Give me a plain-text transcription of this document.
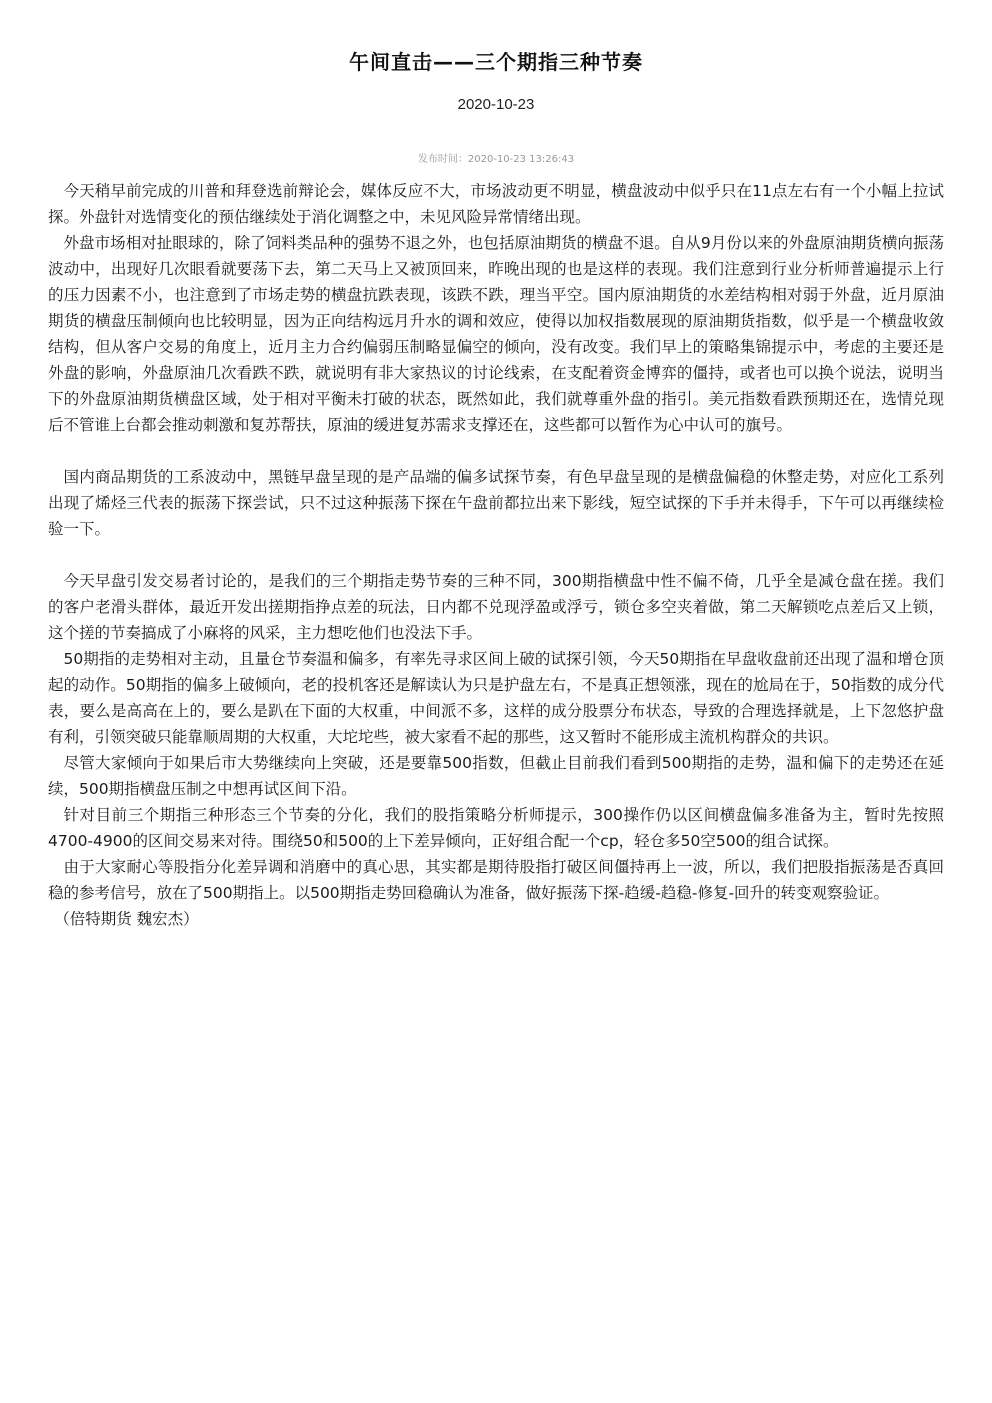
午间直击——三个期指三种节奏
2020-10-23
发布时间：2020-10-23 13:26:43

今天稍早前完成的川普和拜登选前辩论会，媒体反应不大，市场波动更不明显，横盘波动中似乎只在11点左右有一个小幅上拉试探。外盘针对选情变化的预估继续处于消化调整之中，未见风险异常情绪出现。

外盘市场相对扯眼球的，除了饲料类品种的强势不退之外，也包括原油期货的横盘不退。自从9月份以来的外盘原油期货横向振荡波动中，出现好几次眼看就要荡下去，第二天马上又被顶回来，昨晚出现的也是这样的表现。我们注意到行业分析师普遍提示上行的压力因素不小，也注意到了市场走势的横盘抗跌表现，该跌不跌，理当平空。国内原油期货的水差结构相对弱于外盘，近月原油期货的横盘压制倾向也比较明显，因为正向结构远月升水的调和效应，使得以加权指数展现的原油期货指数，似乎是一个横盘收敛结构，但从客户交易的角度上，近月主力合约偏弱压制略显偏空的倾向，没有改变。我们早上的策略集锦提示中，考虑的主要还是外盘的影响，外盘原油几次看跌不跌，就说明有非大家热议的讨论线索，在支配着资金博弈的僵持，或者也可以换个说法，说明当下的外盘原油期货横盘区域，处于相对平衡未打破的状态，既然如此，我们就尊重外盘的指引。美元指数看跌预期还在，选情兑现后不管谁上台都会推动刺激和复苏帮扶，原油的缓进复苏需求支撑还在，这些都可以暂作为心中认可的旗号。

国内商品期货的工系波动中，黑链早盘呈现的是产品端的偏多试探节奏，有色早盘呈现的是横盘偏稳的休整走势，对应化工系列出现了烯烃三代表的振荡下探尝试，只不过这种振荡下探在午盘前都拉出来下影线，短空试探的下手并未得手，下午可以再继续检验一下。

今天早盘引发交易者讨论的，是我们的三个期指走势节奏的三种不同，300期指横盘中性不偏不倚，几乎全是减仓盘在搓。我们的客户老滑头群体，最近开发出搓期指挣点差的玩法，日内都不兑现浮盈或浮亏，锁仓多空夹着做，第二天解锁吃点差后又上锁，这个搓的节奏搞成了小麻将的风采，主力想吃他们也没法下手。

50期指的走势相对主动，且量仓节奏温和偏多，有率先寻求区间上破的试探引领，今天50期指在早盘收盘前还出现了温和增仓顶起的动作。50期指的偏多上破倾向，老的投机客还是解读认为只是护盘左右，不是真正想领涨，现在的尬局在于，50指数的成分代表，要么是高高在上的，要么是趴在下面的大权重，中间派不多，这样的成分股票分布状态，导致的合理选择就是，上下忽悠护盘有利，引领突破只能靠顺周期的大权重，大坨坨些，被大家看不起的那些，这又暂时不能形成主流机构群众的共识。

尽管大家倾向于如果后市大势继续向上突破，还是要靠500指数，但截止目前我们看到500期指的走势，温和偏下的走势还在延续，500期指横盘压制之中想再试区间下沿。

针对目前三个期指三种形态三个节奏的分化，我们的股指策略分析师提示，300操作仍以区间横盘偏多准备为主，暂时先按照4700-4900的区间交易来对待。围绕50和500的上下差异倾向，正好组合配一个cp，轻仓多50空500的组合试探。

由于大家耐心等股指分化差异调和消磨中的真心思，其实都是期待股指打破区间僵持再上一波，所以，我们把股指振荡是否真回稳的参考信号，放在了500期指上。以500期指走势回稳确认为准备，做好振荡下探-趋缓-趋稳-修复-回升的转变观察验证。

（倍特期货 魏宏杰）
